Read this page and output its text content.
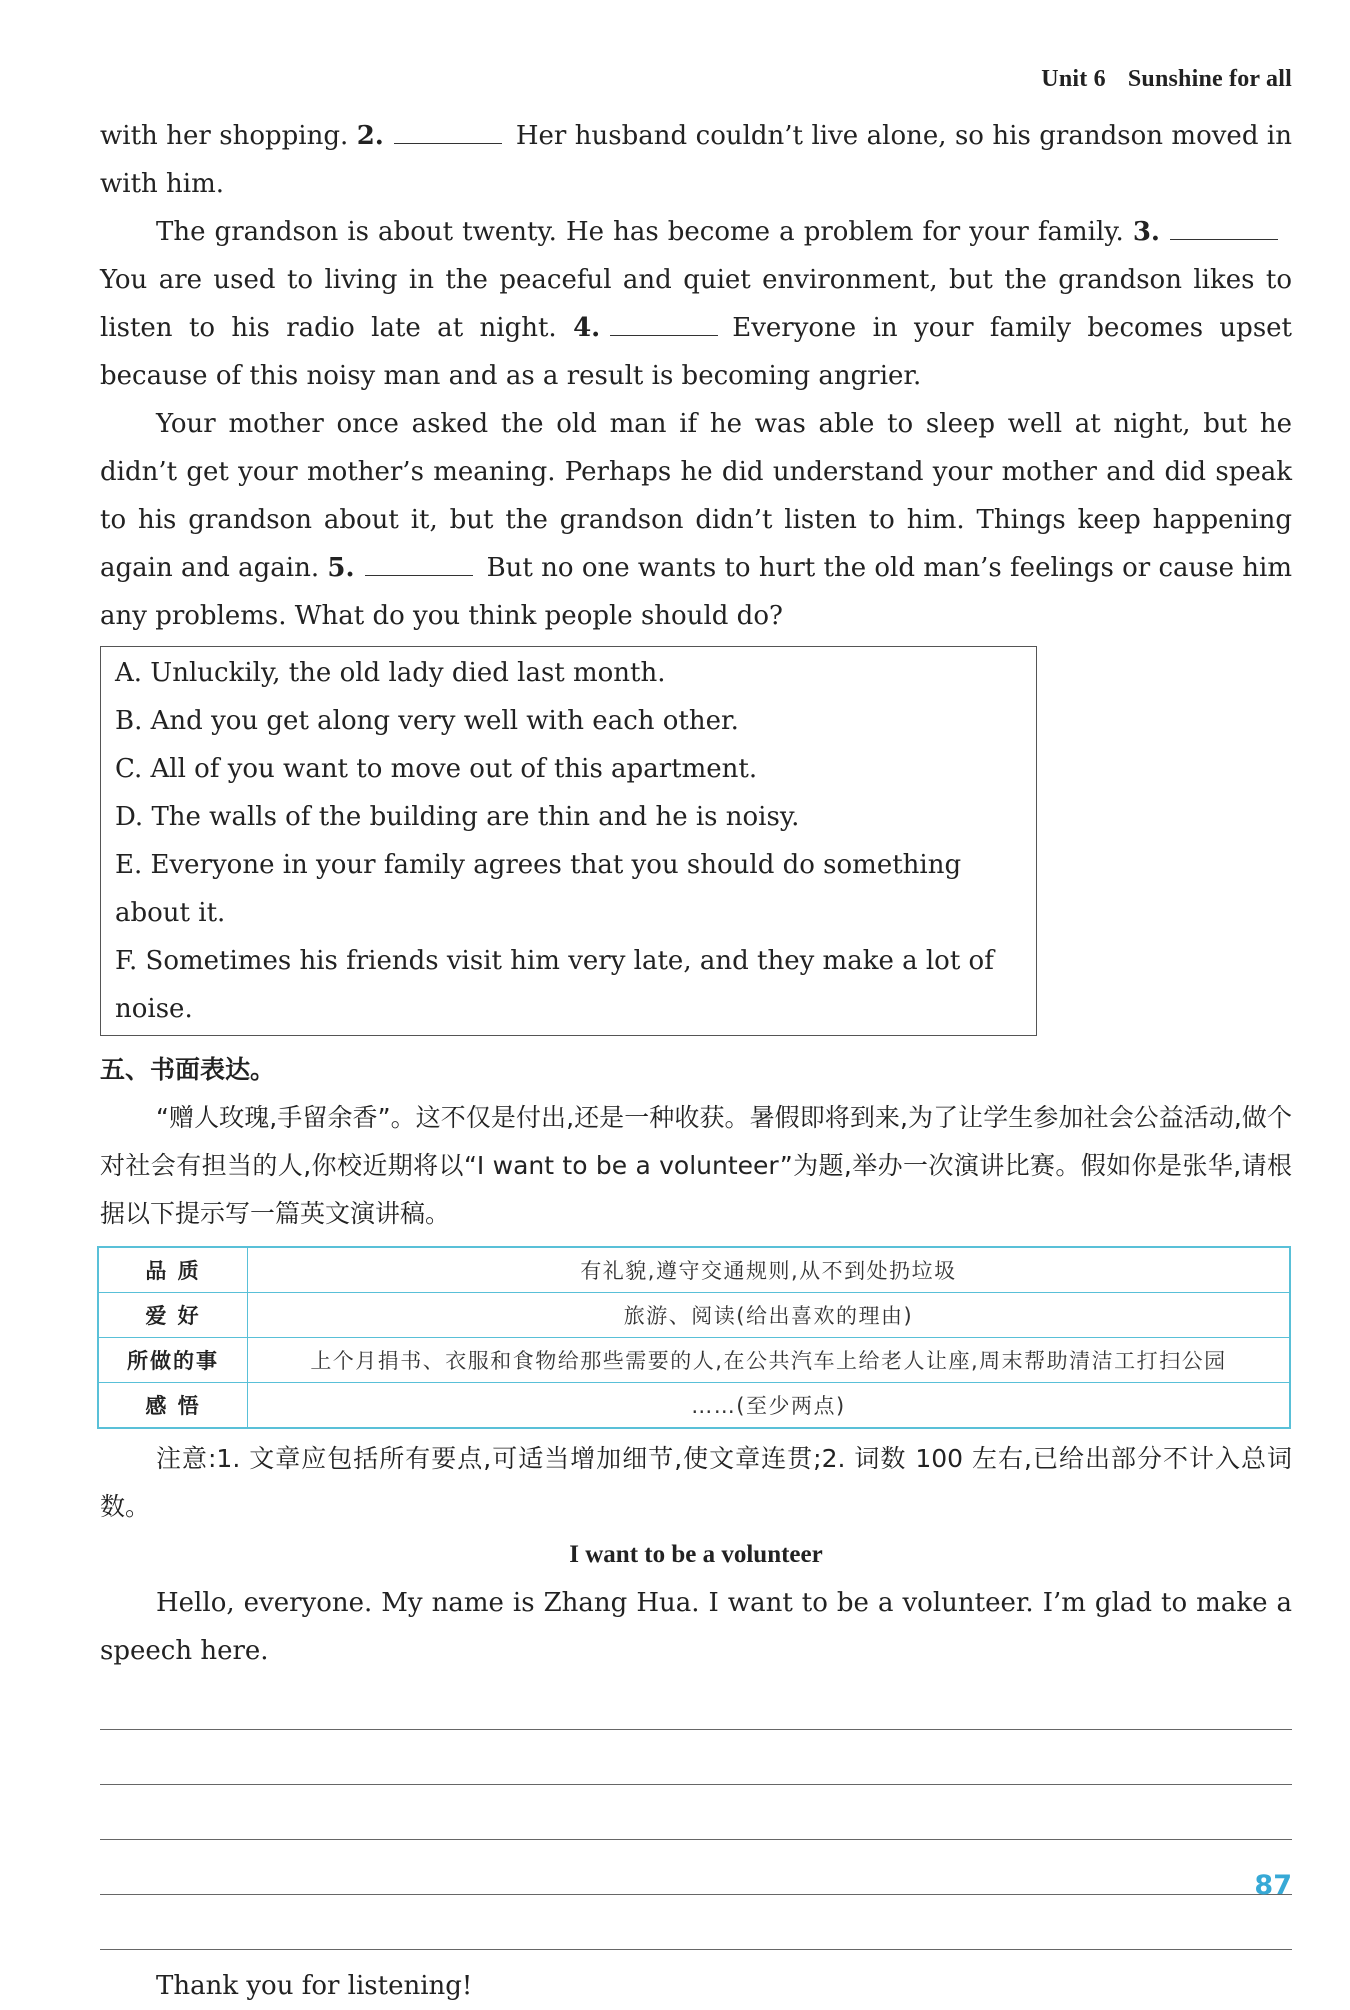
Unit 6 Sunshine for all

with her shopping. 2.	Her husband couldn’t live alone, so his grandson moved in with him.

The grandson is about twenty. He has become a problem for your family. 3.You are used to living in the peaceful and quiet environment, but the grandson likes to listen to his radio late at night. 4.	Everyone in your family becomes upset because of this noisy man and as a result is becoming angrier.

Your mother once asked the old man if he was able to sleep well at night, but he didn’t get your mother’s meaning. Perhaps he did understand your mother and did speak to his grandson about it, but the grandson didn’t listen to him. Things keep happening again and again. 5.	But no one wants to hurt the old man’s feelings or cause him any problems. What do you think people should do?

A. Unluckily, the old lady died last month.
B. And you get along very well with each other.
C. All of you want to move out of this apartment.
D. The walls of the building are thin and he is noisy.
E. Everyone in your family agrees that you should do something about it.
F. Sometimes his friends visit him very late, and they make a lot of noise.
五、书面表达。

“赠人玫瑰,手留余香”。这不仅是付出,还是一种收获。暑假即将到来,为了让学生参加社会公益活动,做个对社会有担当的人,你校近期将以“I want to be a volunteer”为题,举办一次演讲比赛。假如你是张华,请根据以下提示写一篇英文演讲稿。

品 质	有礼貌,遵守交通规则,从不到处扔垃圾
爱 好	旅游、阅读(给出喜欢的理由)
所做的事	上个月捐书、衣服和食物给那些需要的人,在公共汽车上给老人让座,周末帮助清洁工打扫公园
感 悟	……(至少两点)

注意:1. 文章应包括所有要点,可适当增加细节,使文章连贯;2. 词数 100 左右,已给出部分不计入总词数。

I want to be a volunteer

Hello, everyone. My name is Zhang Hua. I want to be a volunteer. I’m glad to make a speech here.

Thank you for listening!

87
